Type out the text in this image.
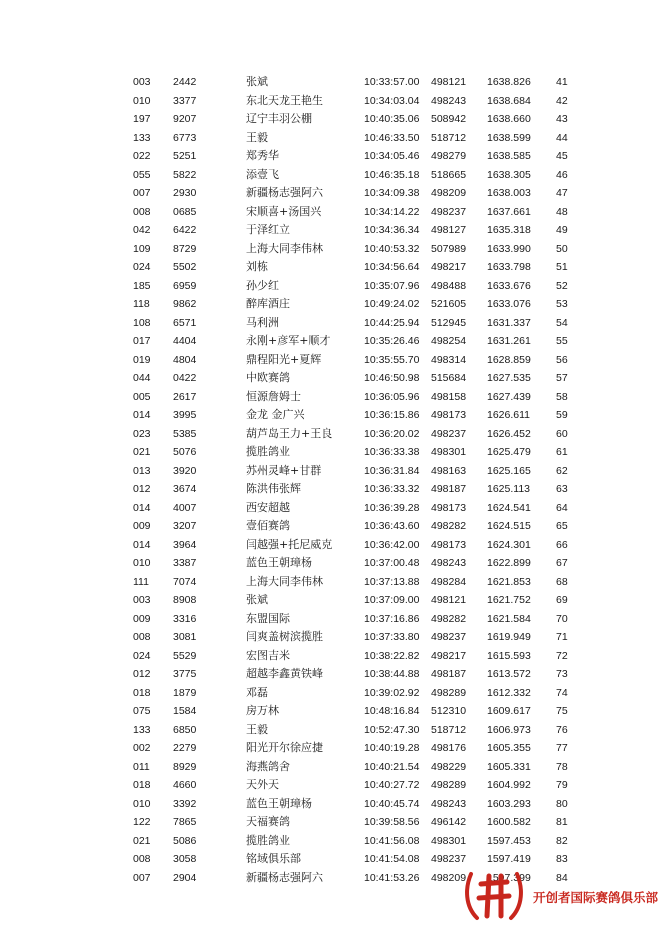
003 2442	张斌	10:33:57.00 498121 1638.826 41
010 3377	东北天龙王艳生	10:34:03.04 498243 1638.684 42
197 9207	辽宁丰羽公棚	10:40:35.06 508942 1638.660 43
133 6773	王毅	10:46:33.50 518712 1638.599 44
022 5251	郑秀华	10:34:05.46 498279 1638.585 45
055 5822	添壹飞	10:46:35.18 518665 1638.305 46
007 2930	新疆杨志强阿六	10:34:09.38 498209 1638.003 47
008 0685	宋顺喜+汤国兴	10:34:14.22 498237 1637.661 48
042 6422	于泽红立	10:34:36.34 498127 1635.318 49
109 8729	上海大同李伟林	10:40:53.32 507989 1633.990 50
024 5502	刘栋	10:34:56.64 498217 1633.798 51
185 6959	孙少红	10:35:07.96 498488 1633.676 52
118 9862	醉库酒庄	10:49:24.02 521605 1633.076 53
108 6571	马利洲	10:44:25.94 512945 1631.337 54
017 4404	永刚+彦军+顺才	10:35:26.46 498254 1631.261 55
019 4804	鼎程阳光+夏辉	10:35:55.70 498314 1628.859 56
044 0422	中欧赛鸽	10:46:50.98 515684 1627.535 57
005 2617	恒源詹姆士	10:36:05.96 498158 1627.439 58
014 3995	金龙 金广兴	10:36:15.86 498173 1626.611 59
023 5385	葫芦岛王力+王良	10:36:20.02 498237 1626.452 60
021 5076	揽胜鸽业	10:36:33.38 498301 1625.479 61
013 3920	苏州灵峰+甘群	10:36:31.84 498163 1625.165 62
012 3674	陈洪伟张辉	10:36:33.32 498187 1625.113 63
014 4007	西安超越	10:36:39.28 498173 1624.541 64
009 3207	壹佰赛鸽	10:36:43.60 498282 1624.515 65
014 3964	闫越强+托尼威克	10:36:42.00 498173 1624.301 66
010 3387	蓝色王朝璋杨	10:37:00.48 498243 1622.899 67
111 7074	上海大同李伟林	10:37:13.88 498284 1621.853 68
003 8908	张斌	10:37:09.00 498121 1621.752 69
009 3316	东盟国际	10:37:16.86 498282 1621.584 70
008 3081	闫爽盖树滨揽胜	10:37:33.80 498237 1619.949 71
024 5529	宏图吉米	10:38:22.82 498217 1615.593 72
012 3775	超越李鑫黄铁峰	10:38:44.88 498187 1613.572 73
018 1879	邓磊	10:39:02.92 498289 1612.332 74
075 1584	房万林	10:48:16.84 512310 1609.617 75
133 6850	王毅	10:52:47.30 518712 1606.973 76
002 2279	阳光开尔徐应捷	10:40:19.28 498176 1605.355 77
011 8929	海燕鸽舍	10:40:21.54 498229 1605.331 78
018 4660	天外天	10:40:27.72 498289 1604.992 79
010 3392	蓝色王朝璋杨	10:40:45.74 498243 1603.293 80
122 7865	天福赛鸽	10:39:58.56 496142 1600.582 81
021 5086	揽胜鸽业	10:41:56.08 498301 1597.453 82
008 3058	铭域俱乐部	10:41:54.08 498237 1597.419 83
007 2904	新疆杨志强阿六	10:41:53.26 498209 1597.399 84
开创者国际赛鸽俱乐部
